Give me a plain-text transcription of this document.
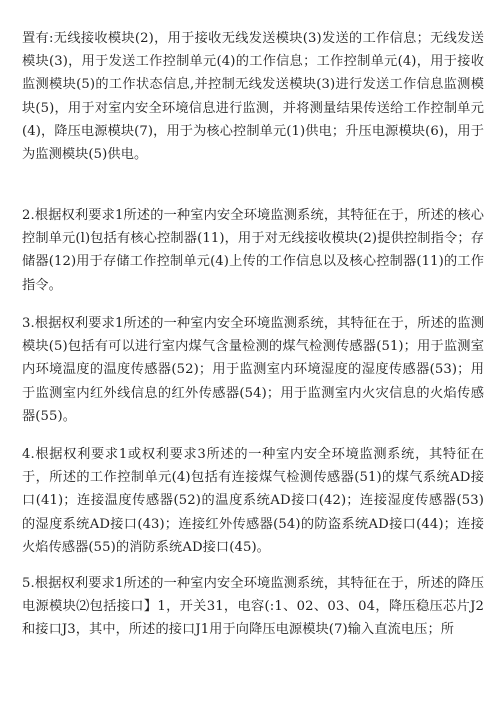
置有:无线接收模块(2)，用于接收无线发送模块(3)发送的工作信息；无线发送模块(3)，用于发送工作控制单元(4)的工作信息；工作控制单元(4)，用于接收监测模块(5)的工作状态信息,并控制无线发送模块(3)进行发送工作信息监测模块(5)，用于对室内安全环境信息进行监测，并将测量结果传送给工作控制单元(4)，降压电源模块(7)，用于为核心控制单元(1)供电；升压电源模块(6)，用于为监测模块(5)供电。

2.根据权利要求1所述的一种室内安全环境监测系统，其特征在于，所述的核心控制单元(l)包括有核心控制器(11)，用于对无线接收模块(2)提供控制指令；存储器(12)用于存储工作控制单元(4)上传的工作信息以及核心控制器(11)的工作指令。

3.根据权利要求1所述的一种室内安全环境监测系统，其特征在于，所述的监测模块(5)包括有可以进行室内煤气含量检测的煤气检测传感器(51)；用于监测室内环境温度的温度传感器(52)；用于监测室内环境湿度的湿度传感器(53)；用于监测室内红外线信息的红外传感器(54)；用于监测室内火灾信息的火焰传感器(55)。

4.根据权利要求1或权利要求3所述的一种室内安全环境监测系统，其特征在于，所述的工作控制单元(4)包括有连接煤气检测传感器(51)的煤气系统AD接口(41)；连接温度传感器(52)的温度系统AD接口(42)；连接湿度传感器(53)的湿度系统AD接口(43)；连接红外传感器(54)的防盗系统AD接口(44)；连接火焰传感器(55)的消防系统AD接口(45)。

5.根据权利要求1所述的一种室内安全环境监测系统，其特征在于，所述的降压电源模块⑵包括接口】1，开关31，电容(:1、02、03、04，降压稳压芯片J2和接口J3，其中，所述的接口J1用于向降压电源模块(7)输入直流电压；所
